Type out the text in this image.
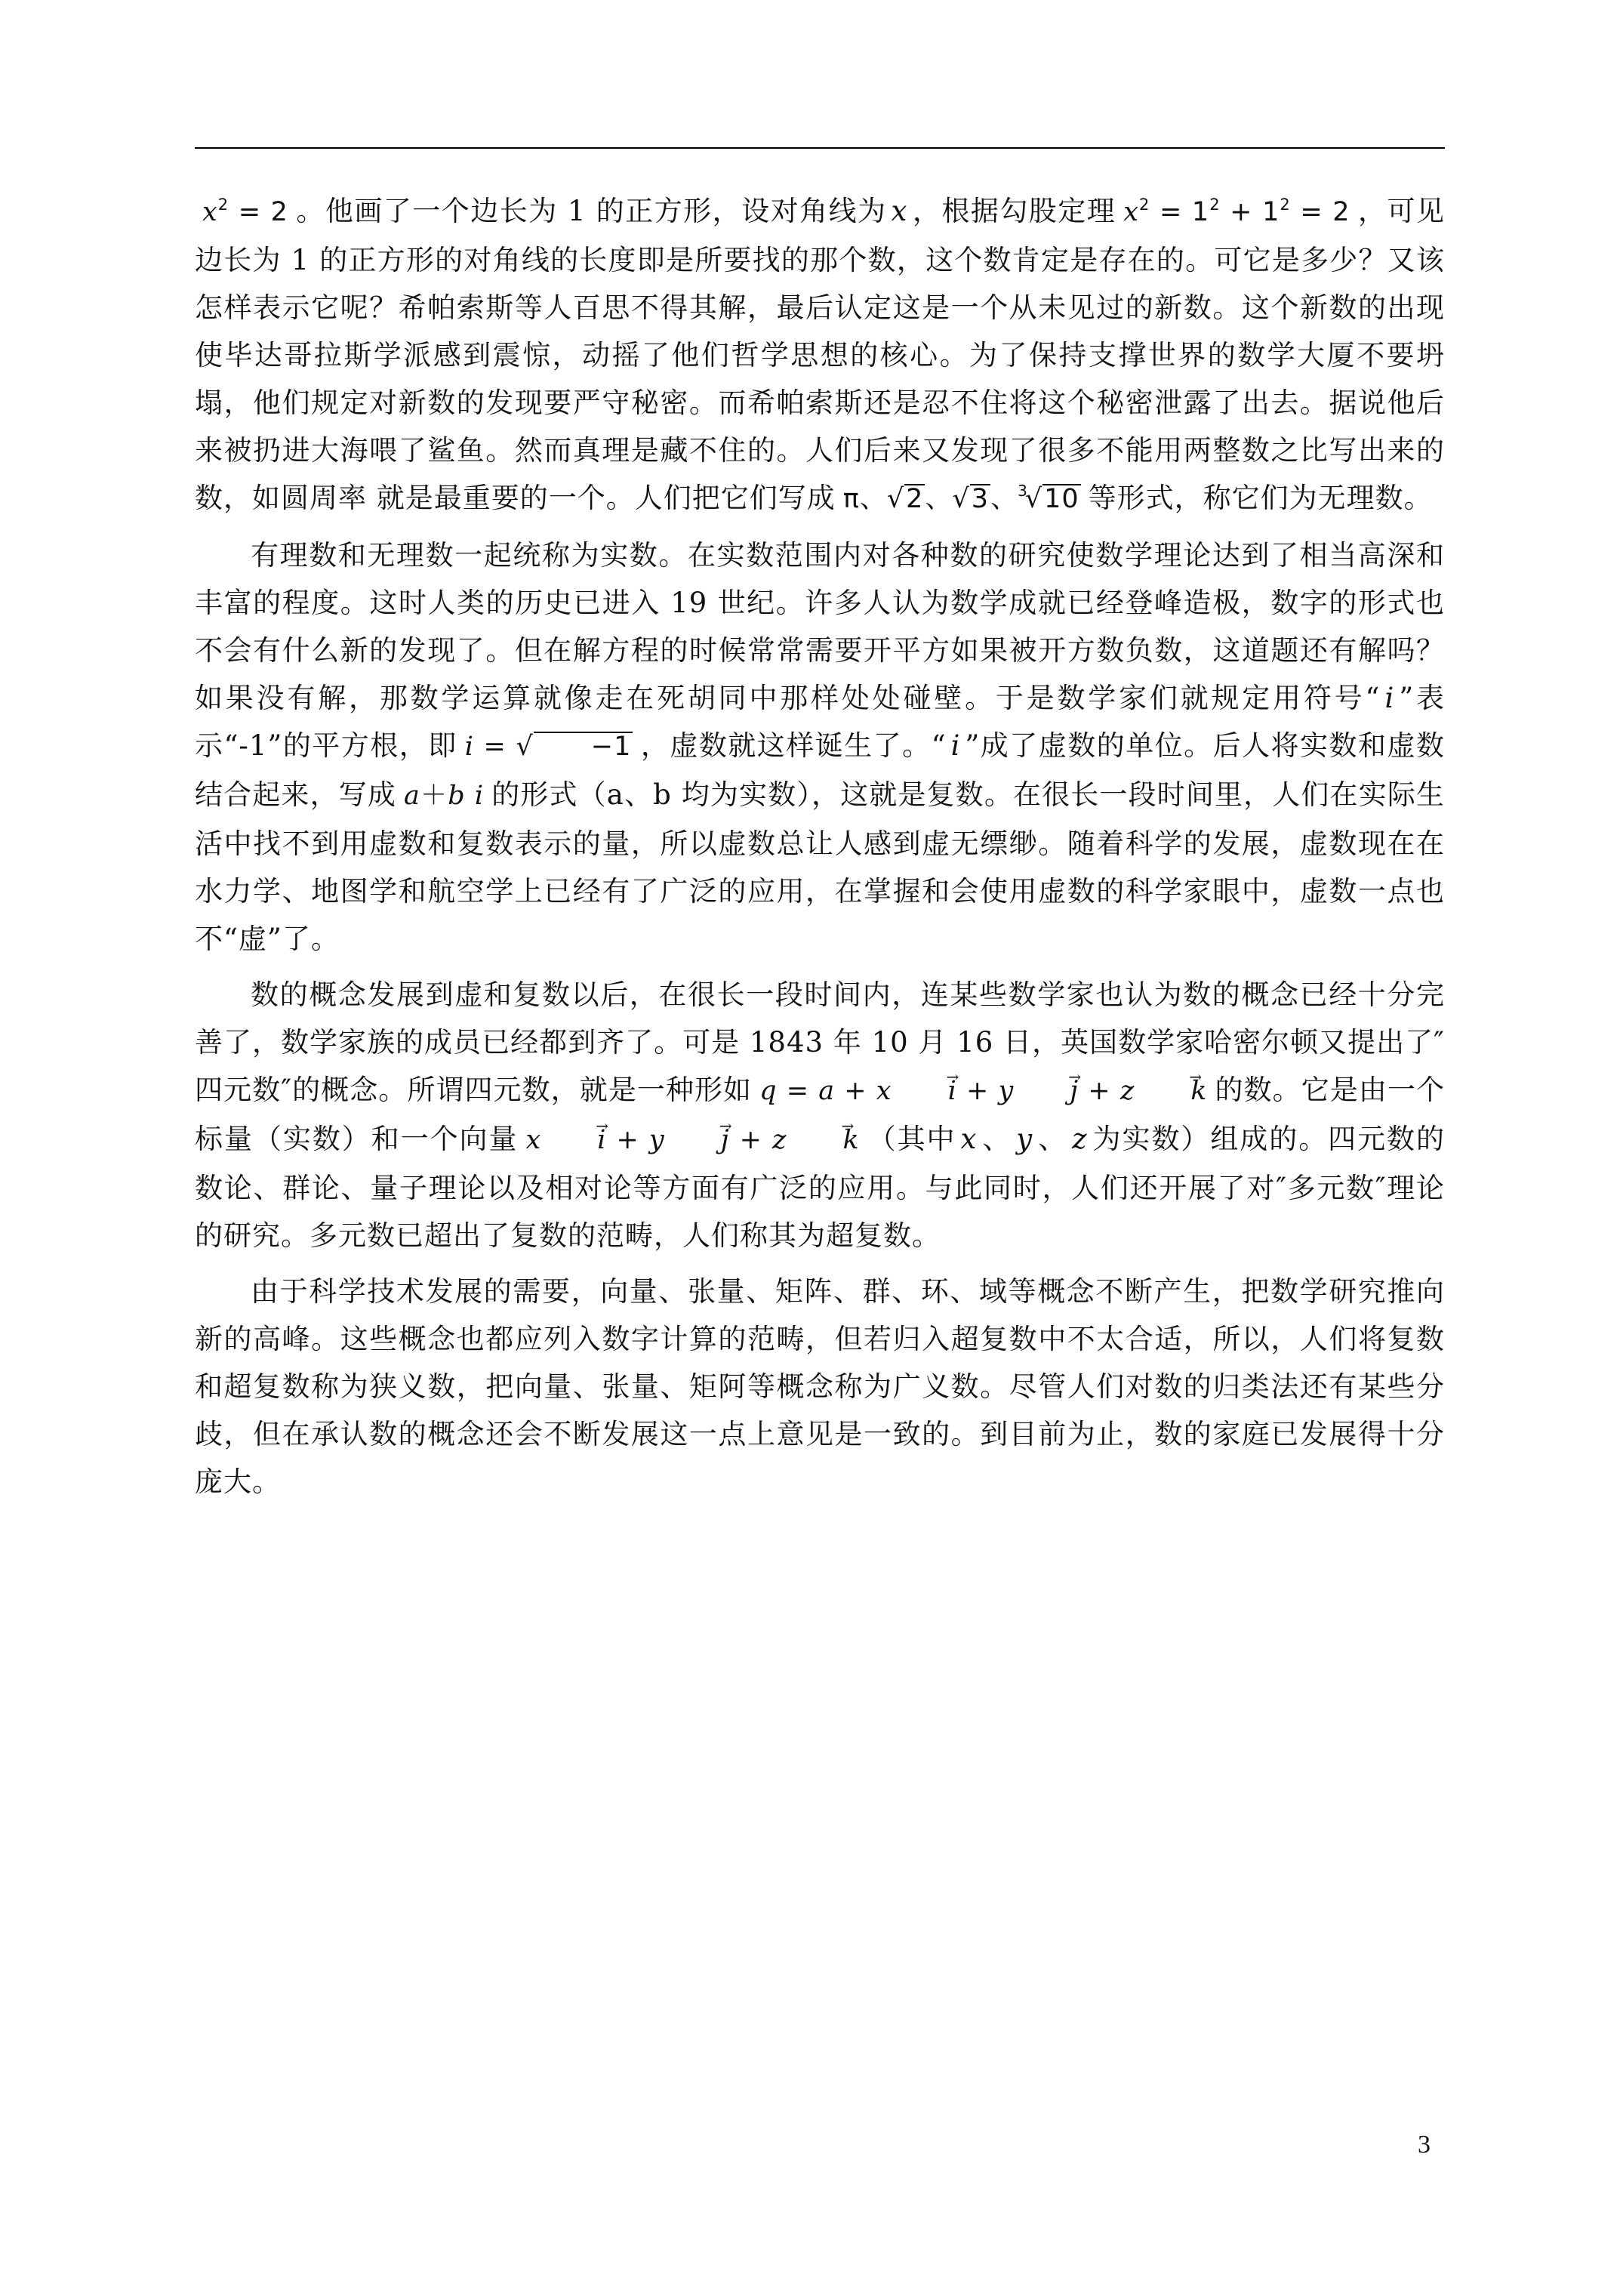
$x^2 = 2$ 。他画了一个边长为 1 的正方形，设对角线为 x ，根据勾股定理 $x^2 = 1^2 + 1^2 = 2$ ，可见边长为 1 的正方形的对角线的长度即是所要找的那个数，这个数肯定是存在的。可它是多少？又该怎样表示它呢？希帕索斯等人百思不得其解，最后认定这是一个从未见过的新数。这个新数的出现使毕达哥拉斯学派感到震惊，动摇了他们哲学思想的核心。为了保持支撑世界的数学大厦不要坍塌，他们规定对新数的发现要严守秘密。而希帕索斯还是忍不住将这个秘密泄露了出去。据说他后来被扔进大海喂了鲨鱼。然而真理是藏不住的。人们后来又发现了很多不能用两整数之比写出来的数，如圆周率 就是最重要的一个。人们把它们写成 π、√2、√3、$^3$√10 等形式，称它们为无理数。

有理数和无理数一起统称为实数。在实数范围内对各种数的研究使数学理论达到了相当高深和丰富的程度。这时人类的历史已进入 19 世纪。许多人认为数学成就已经登峰造极，数字的形式也不会有什么新的发现了。但在解方程的时候常常需要开平方如果被开方数负数，这道题还有解吗？如果没有解，那数学运算就像走在死胡同中那样处处碰壁。于是数学家们就规定用符号“ i ”表示“-1”的平方根，即 i = √ −1 ，虚数就这样诞生了。“ i ”成了虚数的单位。后人将实数和虚数结合起来，写成 a＋b i 的形式（a、b 均为实数），这就是复数。在很长一段时间里，人们在实际生活中找不到用虚数和复数表示的量，所以虚数总让人感到虚无缥缈。随着科学的发展，虚数现在在水力学、地图学和航空学上已经有了广泛的应用，在掌握和会使用虚数的科学家眼中，虚数一点也不“虚”了。

数的概念发展到虚和复数以后，在很长一段时间内，连某些数学家也认为数的概念已经十分完善了，数学家族的成员已经都到齐了。可是 1843 年 10 月 16 日，英国数学家哈密尔顿又提出了″四元数″的概念。所谓四元数，就是一种形如 q = a + x i → + y j → + z k → 的数。它是由一个标量（实数）和一个向量 x i → + y j → + z k → （其中 x 、 y 、 z 为实数）组成的。四元数的数论、群论、量子理论以及相对论等方面有广泛的应用。与此同时，人们还开展了对″多元数″理论的研究。多元数已超出了复数的范畴，人们称其为超复数。

由于科学技术发展的需要，向量、张量、矩阵、群、环、域等概念不断产生，把数学研究推向新的高峰。这些概念也都应列入数字计算的范畴，但若归入超复数中不太合适，所以，人们将复数和超复数称为狭义数，把向量、张量、矩阿等概念称为广义数。尽管人们对数的归类法还有某些分歧，但在承认数的概念还会不断发展这一点上意见是一致的。到目前为止，数的家庭已发展得十分庞大。

3
